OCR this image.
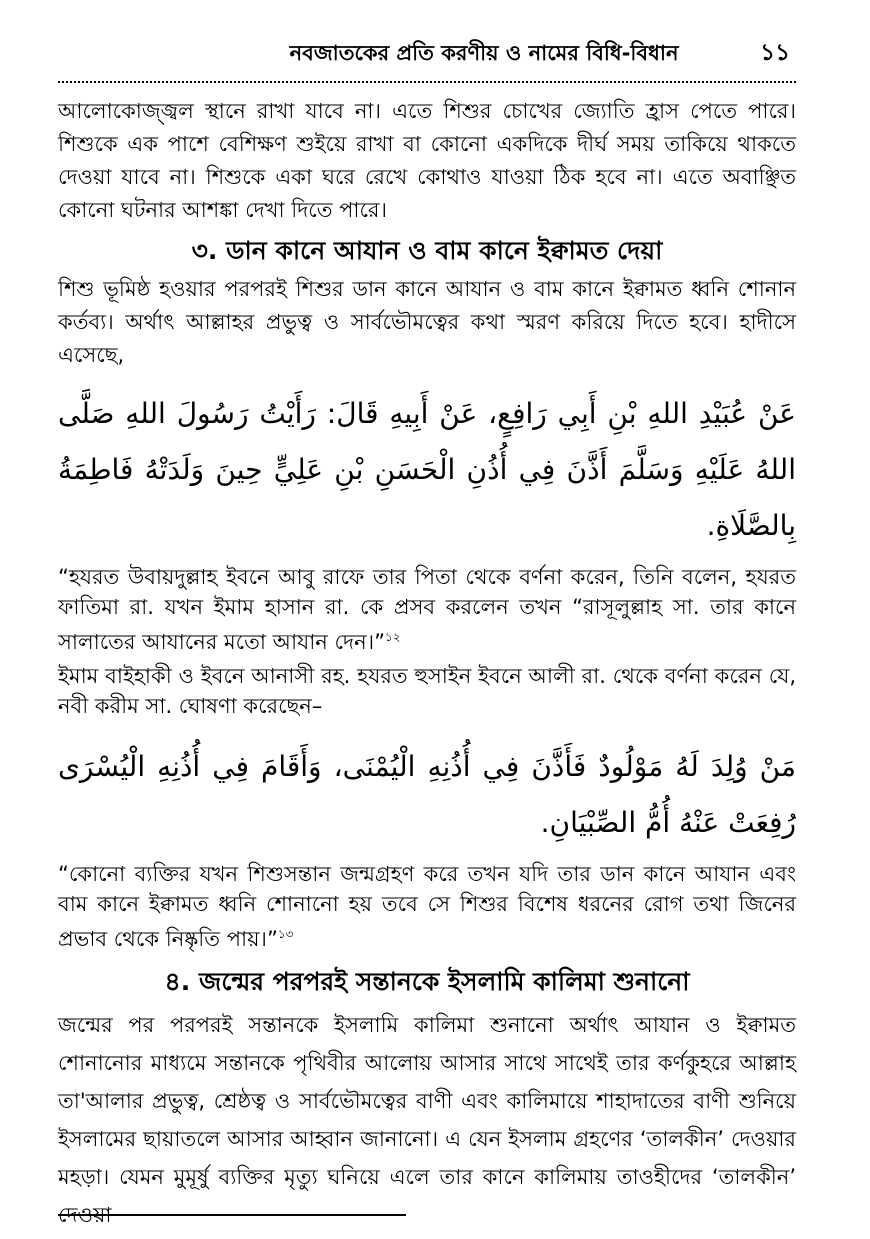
নবজাতকের প্রতি করণীয় ও নামের বিধি-বিধান	১১

আলোকোজ্জ্বল স্থানে রাখা যাবে না। এতে শিশুর চোখের জ্যোতি হ্রাস পেতে পারে। শিশুকে এক পাশে বেশিক্ষণ শুইয়ে রাখা বা কোনো একদিকে দীর্ঘ সময় তাকিয়ে থাকতে দেওয়া যাবে না। শিশুকে একা ঘরে রেখে কোথাও যাওয়া ঠিক হবে না। এতে অবাঞ্ছিত কোনো ঘটনার আশঙ্কা দেখা দিতে পারে।

৩. ডান কানে আযান ও বাম কানে ইক্বামত দেয়া

শিশু ভূমিষ্ঠ হওয়ার পরপরই শিশুর ডান কানে আযান ও বাম কানে ইক্বামত ধ্বনি শোনান কর্তব্য। অর্থাৎ আল্লাহর প্রভুত্ব ও সার্বভৌমত্বের কথা স্মরণ করিয়ে দিতে হবে। হাদীসে এসেছে,

عَنْ عُبَيْدِ اللهِ بْنِ أَبِي رَافِعٍ، عَنْ أَبِيهِ قَالَ: رَأَيْتُ رَسُولَ اللهِ صَلَّى اللهُ عَلَيْهِ وَسَلَّمَ أَذَّنَ فِي أُذُنِ الْحَسَنِ بْنِ عَلِيٍّ حِينَ وَلَدَتْهُ فَاطِمَةُ بِالصَّلَاةِ.

“হযরত উবায়দুল্লাহ ইবনে আবু রাফে তার পিতা থেকে বর্ণনা করেন, তিনি বলেন, হযরত ফাতিমা রা. যখন ইমাম হাসান রা. কে প্রসব করলেন তখন “রাসূলুল্লাহ সা. তার কানে সালাতের আযানের মতো আযান দেন।”$^{১২}$

ইমাম বাইহাকী ও ইবনে আনাসী রহ. হযরত হুসাইন ইবনে আলী রা. থেকে বর্ণনা করেন যে, নবী করীম সা. ঘোষণা করেছেন–

مَنْ وُلِدَ لَهُ مَوْلُودٌ فَأَذَّنَ فِي أُذُنِهِ الْيُمْنَى، وَأَقَامَ فِي أُذُنِهِ الْيُسْرَى رُفِعَتْ عَنْهُ أُمُّ الصِّبْيَانِ.

“কোনো ব্যক্তির যখন শিশুসন্তান জন্মগ্রহণ করে তখন যদি তার ডান কানে আযান এবং বাম কানে ইক্বামত ধ্বনি শোনানো হয় তবে সে শিশুর বিশেষ ধরনের রোগ তথা জিনের প্রভাব থেকে নিষ্কৃতি পায়।”$^{১৩}$

৪. জন্মের পরপরই সন্তানকে ইসলামি কালিমা শুনানো

জন্মের পর পরপরই সন্তানকে ইসলামি কালিমা শুনানো অর্থাৎ আযান ও ইক্বামত শোনানোর মাধ্যমে সন্তানকে পৃথিবীর আলোয় আসার সাথে সাথেই তার কর্ণকুহরে আল্লাহ তা'আলার প্রভুত্ব, শ্রেষ্ঠত্ব ও সার্বভৌমত্বের বাণী এবং কালিমায়ে শাহাদাতের বাণী শুনিয়ে ইসলামের ছায়াতলে আসার আহ্বান জানানো। এ যেন ইসলাম গ্রহণের ‘তালকীন’ দেওয়ার মহড়া। যেমন মুমূর্ষু ব্যক্তির মৃত্যু ঘনিয়ে এলে তার কানে কালিমায় তাওহীদের ‘তালকীন’ দেওয়া
